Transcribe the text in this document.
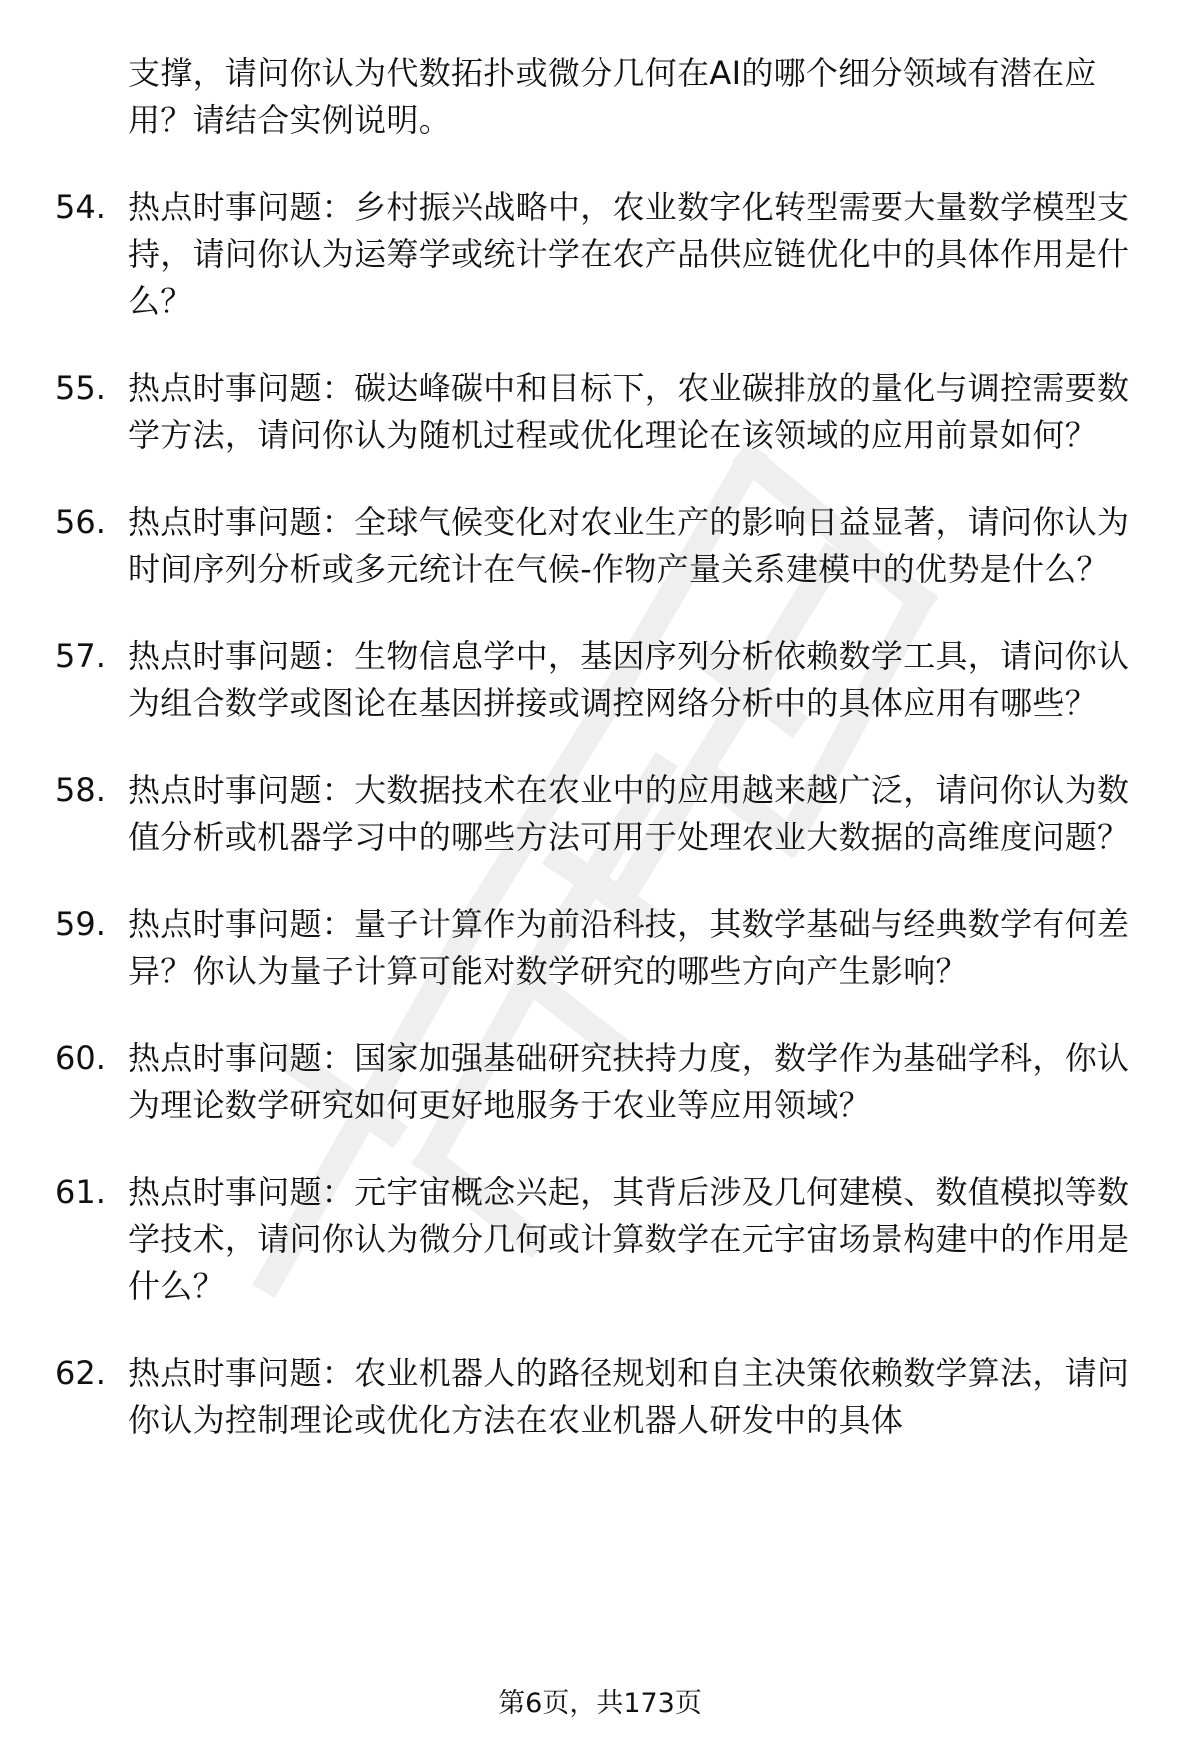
支撑，请问你认为代数拓扑或微分几何在AI的哪个细分领域有潜在应用？请结合实例说明。
54. 热点时事问题：乡村振兴战略中，农业数字化转型需要大量数学模型支持，请问你认为运筹学或统计学在农产品供应链优化中的具体作用是什么？
55. 热点时事问题：碳达峰碳中和目标下，农业碳排放的量化与调控需要数学方法，请问你认为随机过程或优化理论在该领域的应用前景如何？
56. 热点时事问题：全球气候变化对农业生产的影响日益显著，请问你认为时间序列分析或多元统计在气候-作物产量关系建模中的优势是什么？
57. 热点时事问题：生物信息学中，基因序列分析依赖数学工具，请问你认为组合数学或图论在基因拼接或调控网络分析中的具体应用有哪些？
58. 热点时事问题：大数据技术在农业中的应用越来越广泛，请问你认为数值分析或机器学习中的哪些方法可用于处理农业大数据的高维度问题？
59. 热点时事问题：量子计算作为前沿科技，其数学基础与经典数学有何差异？你认为量子计算可能对数学研究的哪些方向产生影响？
60. 热点时事问题：国家加强基础研究扶持力度，数学作为基础学科，你认为理论数学研究如何更好地服务于农业等应用领域？
61. 热点时事问题：元宇宙概念兴起，其背后涉及几何建模、数值模拟等数学技术，请问你认为微分几何或计算数学在元宇宙场景构建中的作用是什么？
62. 热点时事问题：农业机器人的路径规划和自主决策依赖数学算法，请问你认为控制理论或优化方法在农业机器人研发中的具体
第6页，共173页
